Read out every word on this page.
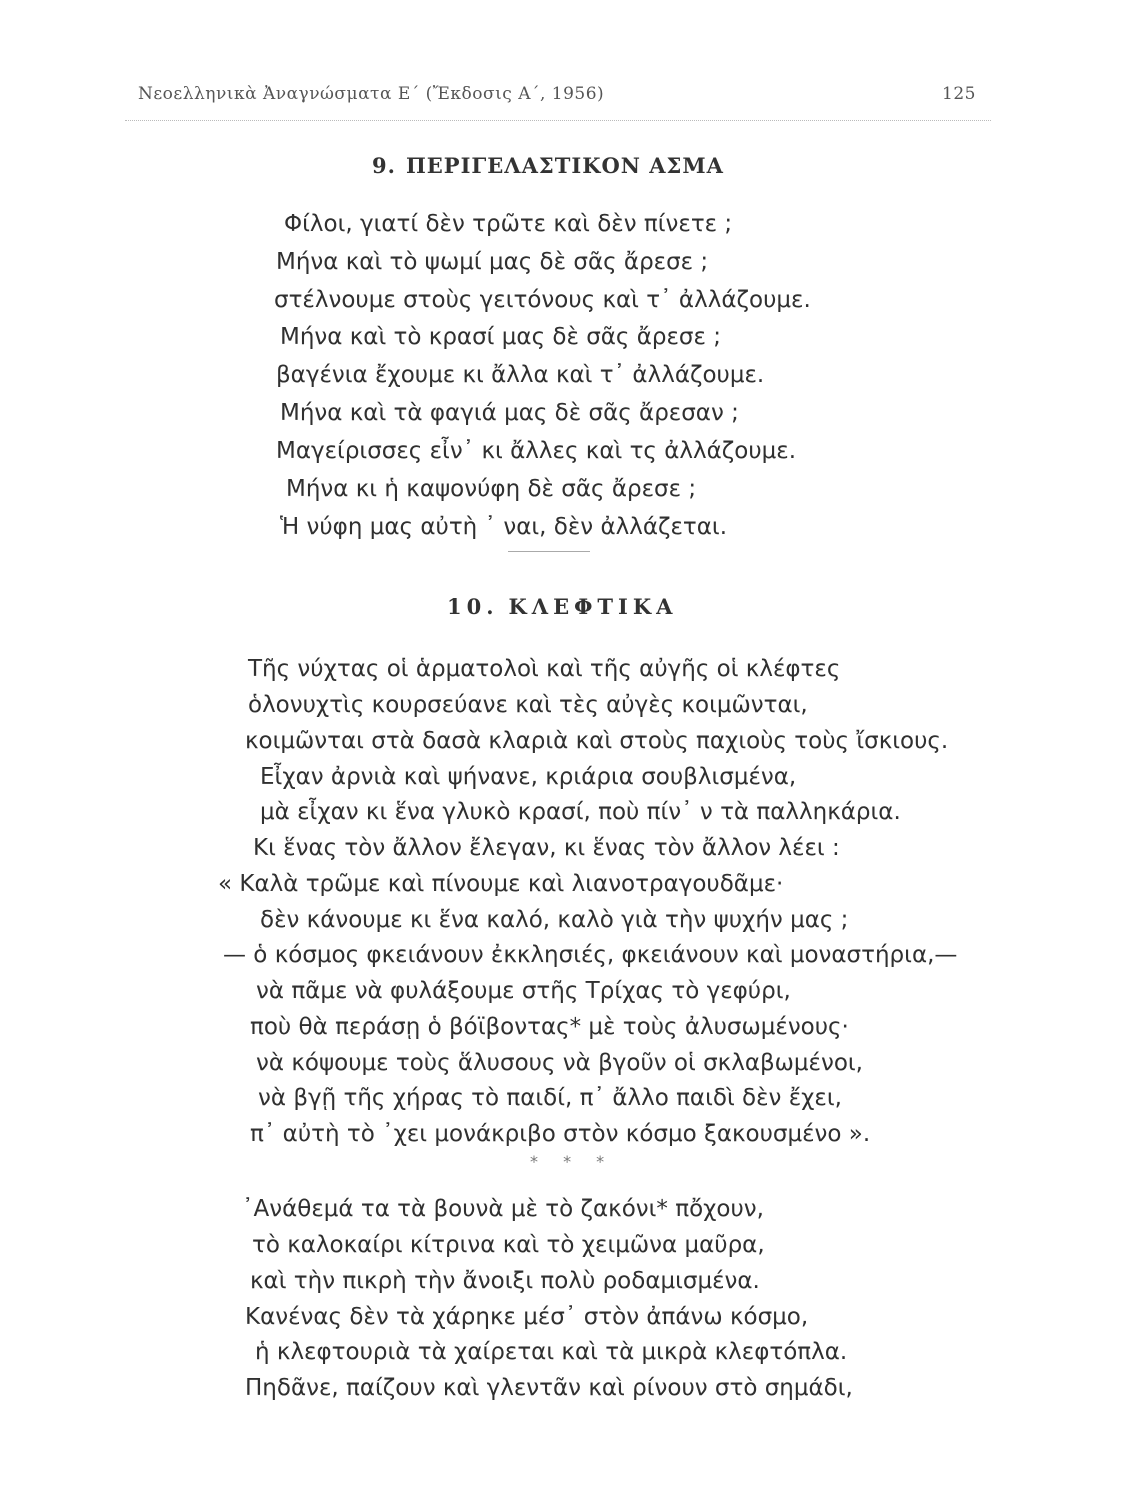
Νεοελληνικὰ Ἀναγνώσματα Ε΄ (Ἔκδοσις Α΄, 1956)	125
9. ΠΕΡΙΓΕΛΑΣΤΙΚΟΝ ΑΣΜΑ
Φίλοι, γιατί δὲν τρῶτε καὶ δὲν πίνετε ;
Μήνα καὶ τὸ ψωμί μας δὲ σᾶς ἄρεσε ;
στέλνουμε στοὺς γειτόνους καὶ τ᾽ ἀλλάζουμε.
Μήνα καὶ τὸ κρασί μας δὲ σᾶς ἄρεσε ;
βαγένια ἔχουμε κι ἄλλα καὶ τ᾽ ἀλλάζουμε.
Μήνα καὶ τὰ φαγιά μας δὲ σᾶς ἄρεσαν ;
Μαγείρισσες εἶν᾽ κι ἄλλες καὶ τς ἀλλάζουμε.
Μήνα κι ἡ καψονύφη δὲ σᾶς ἄρεσε ;
Ἡ νύφη μας αὐτὴ ᾽ ναι, δὲν ἀλλάζεται.
10. ΚΛΕΦΤΙΚΑ
Τῆς νύχτας οἱ ἁρματολοὶ καὶ τῆς αὐγῆς οἱ κλέφτες
ὁλονυχτὶς κουρσεύανε καὶ τὲς αὐγὲς κοιμῶνται,
κοιμῶνται στὰ δασὰ κλαριὰ καὶ στοὺς παχιοὺς τοὺς ἴσκιους.
Εἶχαν ἀρνιὰ καὶ ψήνανε, κριάρια σουβλισμένα,
μὰ εἶχαν κι ἕνα γλυκὸ κρασί, ποὺ πίν᾽ ν τὰ παλληκάρια.
Κι ἕνας τὸν ἄλλον ἔλεγαν, κι ἕνας τὸν ἄλλον λέει :
« Καλὰ τρῶμε καὶ πίνουμε καὶ λιανοτραγουδᾶμε·
δὲν κάνουμε κι ἕνα καλό, καλὸ γιὰ τὴν ψυχήν μας ;
— ὁ κόσμος φκειάνουν ἐκκλησιές, φκειάνουν καὶ μοναστήρια,—
νὰ πᾶμε νὰ φυλάξουμε στῆς Τρίχας τὸ γεφύρι,
ποὺ θὰ περάσῃ ὁ βόϊβοντας* μὲ τοὺς ἀλυσωμένους·
νὰ κόψουμε τοὺς ἅλυσους νὰ βγοῦν οἱ σκλαβωμένοι,
νὰ βγῇ τῆς χήρας τὸ παιδί, π᾽ ἄλλο παιδὶ δὲν ἔχει,
π᾽ αὐτὴ τὸ ᾽χει μονάκριβο στὸν κόσμο ξακουσμένο ».
* * *
᾽Ανάθεμά τα τὰ βουνὰ μὲ τὸ ζακόνι* πὄχουν,
τὸ καλοκαίρι κίτρινα καὶ τὸ χειμῶνα μαῦρα,
καὶ τὴν πικρὴ τὴν ἄνοιξι πολὺ ροδαμισμένα.
Κανένας δὲν τὰ χάρηκε μέσ᾽ στὸν ἀπάνω κόσμο,
ἡ κλεφτουριὰ τὰ χαίρεται καὶ τὰ μικρὰ κλεφτόπλα.
Πηδᾶνε, παίζουν καὶ γλεντᾶν καὶ ρίνουν στὸ σημάδι,
